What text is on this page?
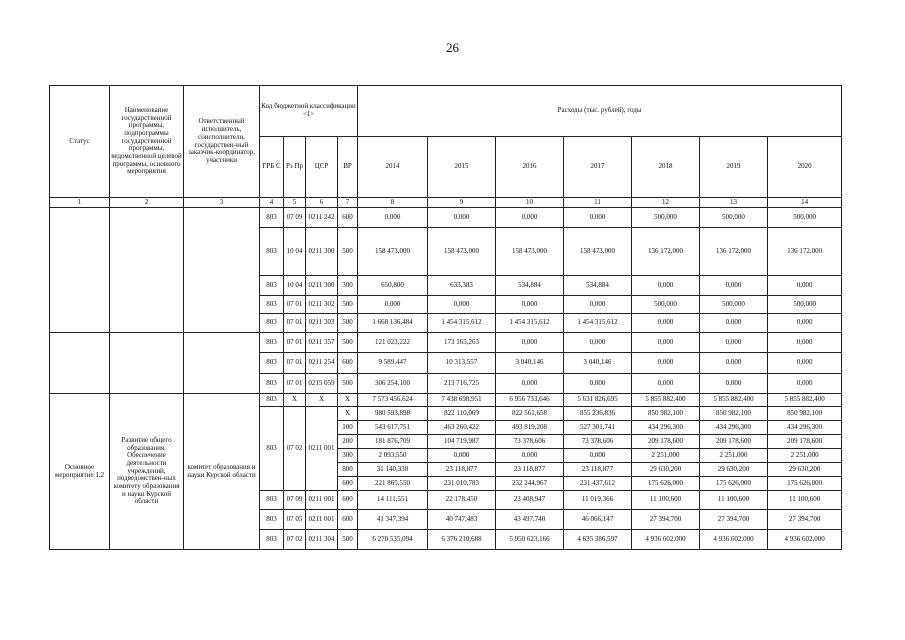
26
Статус	Наименование государственной программы, подпрограммы государственной программы, ведомственной целевой программы, основного мероприятия	Ответственный исполнитель, соисполнители, государствен-ный заказчик-координатор, участники	Код бюджетной классификации <1>				Расходы (тыс. рублей), годы						
			ГРБ С	Рз Пр	ЦСР	ВР	2014	2015	2016	2017	2018	2019	2020
1	2	3	4	5	6	7	8	9	10	11	12	13	14
			803	07 09	0211 242	600	0,000	0,000	0,000	0,000	500,000	500,000	500,000
			803	10 04	0211 300	500	158 473,000	158 473,000	158 473,000	158 473,000	136 172,000	136 172,000	136 172,000
			803	10 04	0211 300	300	650,800	633,383	534,884	534,884	0,000	0,000	0,000
			803	07 01	0211 302	500	0,000	0,000	0,000	0,000	500,000	500,000	500,000
			803	07 01	0211 303	500	1 668 136,484	1 454 315,612	1 454 315,612	1 454 315,612	0,000	0,000	0,000
			803	07 01	0211 357	500	121 023,222	173 165,263	0,000	0,000	0,000	0,000	0,000
			803	07 01	0211 254	600	9 589,447	10 313,557	3 040,146	3 040,146	0,000	0,000	0,000
			803	07 01	0215 059	500	306 254,100	213 716,725	0,000	0,000	0,000	0,000	0,000
Основное мероприятие 1.2	Развитие общего образования. Обеспечение деятельности учреждений, подведомствен-ных комитету образования и науки Курской области	комитет образования и науки Курской области	803	X	X	X	7 573 456,624	7 438 698,951	6 956 733,646	5 631 826,695	5 855 882,400	5 855 882,400	5 855 882,400
			803	07 02	0211 001	X	980 593,898	822 110,069	822 561,658	855 236,836	850 982,100	850 982,100	850 982,100
						100	543 617,751	463 260,422	493 819,208	527 301,741	434 296,300	434 296,300	434 296,300
						200	181 876,709	104 719,987	73 378,606	73 378,606	209 178,600	209 178,600	209 178,600
						300	2 093,550	0,000	0,000	0,000	2 251,000	2 251,000	2 251,000
						800	31 140,338	23 118,877	23 118,877	23 118,877	29 630,200	29 630,200	29 630,200
						600	221 865,550	231 010,783	232 244,967	231 437,612	175 626,000	175 626,000	175 626,000
			803	07 09	0211 001	600	14 111,551	22 178,450	23 408,947	11 019,366	11 100,600	11 100,600	11 100,600
			803	07 05	0211 001	600	41 347,394	40 747,483	43 497,740	46 066,147	27 394,700	27 394,700	27 394,700
			803	07 02	0211 304	500	6 270 535,094	6 376 210,688	5 950 623,166	4 635 386,597	4 936 602,000	4 936 602,000	4 936 602,000
